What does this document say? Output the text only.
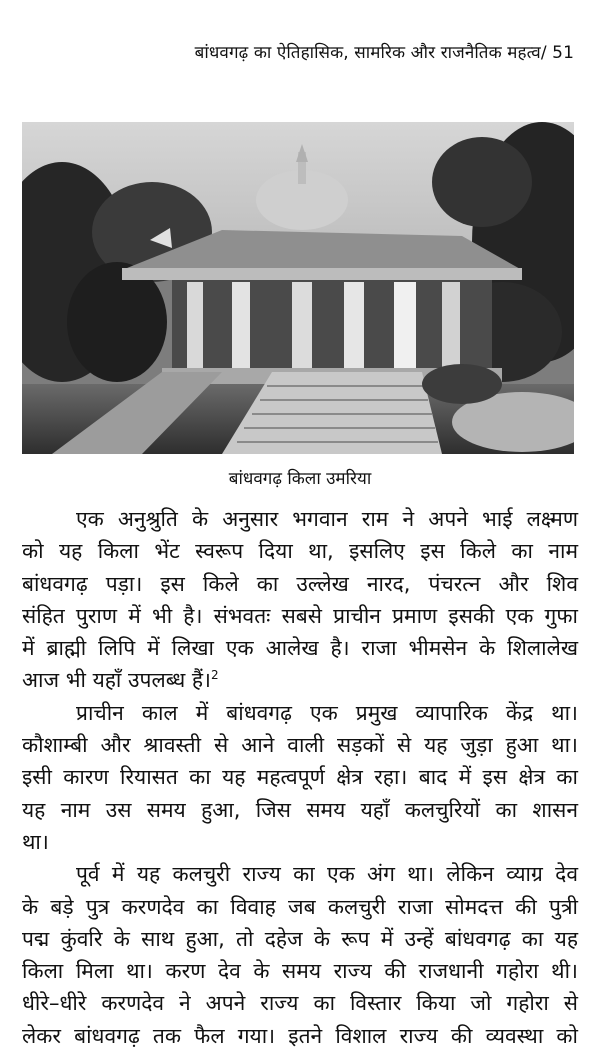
बांधवगढ़ का ऐतिहासिक, सामरिक और राजनैतिक महत्व/ 51
बांधवगढ़ किला उमरिया

एक अनुश्रुति के अनुसार भगवान राम ने अपने भाई लक्ष्मण
को यह किला भेंट स्वरूप दिया था, इसलिए इस किले का नाम
बांधवगढ़ पड़ा। इस किले का उल्लेख नारद, पंचरत्न और शिव
संहित पुराण में भी है। संभवतः सबसे प्राचीन प्रमाण इसकी एक गुफा
में ब्राह्मी लिपि में लिखा एक आलेख है। राजा भीमसेन के शिलालेख
आज भी यहाँ उपलब्ध हैं।$^2$

प्राचीन काल में बांधवगढ़ एक प्रमुख व्यापारिक केंद्र था।
कौशाम्बी और श्रावस्ती से आने वाली सड़कों से यह जुड़ा हुआ था।
इसी कारण रियासत का यह महत्वपूर्ण क्षेत्र रहा। बाद में इस क्षेत्र का
यह नाम उस समय हुआ, जिस समय यहाँ कलचुरियों का शासन
था।

पूर्व में यह कलचुरी राज्य का एक अंग था। लेकिन व्याग्र देव
के बड़े पुत्र करणदेव का विवाह जब कलचुरी राजा सोमदत्त की पुत्री
पद्म कुंवरि के साथ हुआ, तो दहेज के रूप में उन्हें बांधवगढ़ का यह
किला मिला था। करण देव के समय राज्य की राजधानी गहोरा थी।
धीरे–धीरे करणदेव ने अपने राज्य का विस्तार किया जो गहोरा से
लेकर बांधवगढ़ तक फैल गया। इतने विशाल राज्य की व्यवस्था को
